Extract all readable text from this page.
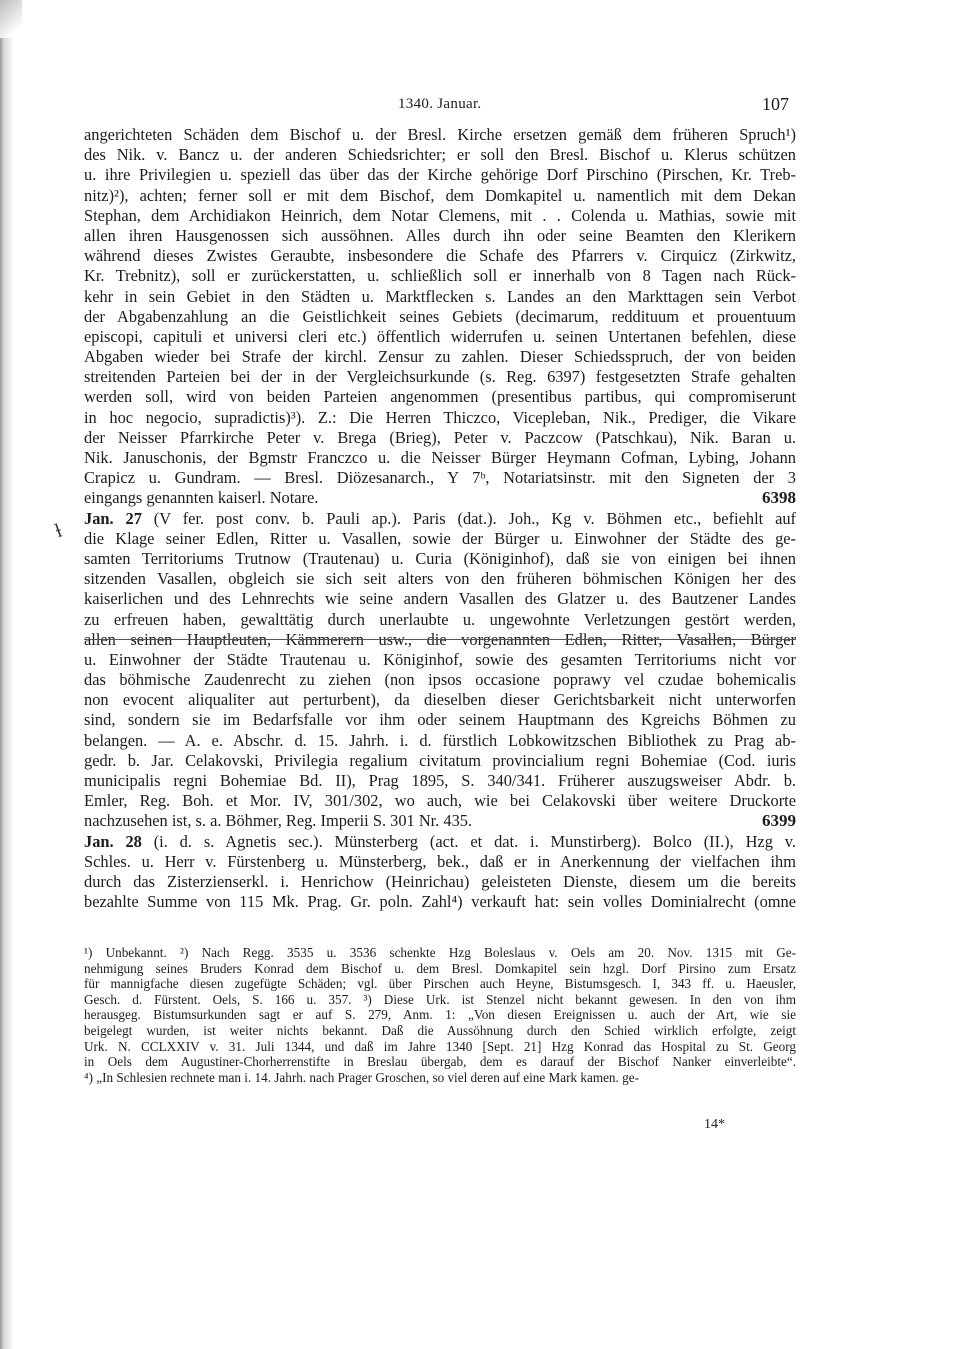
1340. Januar.	107
ɫ
angerichteten Schäden dem Bischof u. der Bresl. Kirche ersetzen gemäß dem früheren Spruch¹)
des Nik. v. Bancz u. der anderen Schiedsrichter; er soll den Bresl. Bischof u. Klerus schützen
u. ihre Privilegien u. speziell das über das der Kirche gehörige Dorf Pirschino (Pirschen, Kr. Treb-
nitz)²), achten; ferner soll er mit dem Bischof, dem Domkapitel u. namentlich mit dem Dekan
Stephan, dem Archidiakon Heinrich, dem Notar Clemens, mit . . Colenda u. Mathias, sowie mit
allen ihren Hausgenossen sich aussöhnen. Alles durch ihn oder seine Beamten den Klerikern
während dieses Zwistes Geraubte, insbesondere die Schafe des Pfarrers v. Cirquicz (Zirkwitz,
Kr. Trebnitz), soll er zurückerstatten, u. schließlich soll er innerhalb von 8 Tagen nach Rück-
kehr in sein Gebiet in den Städten u. Marktflecken s. Landes an den Markttagen sein Verbot
der Abgabenzahlung an die Geistlichkeit seines Gebiets (decimarum, reddituum et prouentuum
episcopi, capituli et universi cleri etc.) öffentlich widerrufen u. seinen Untertanen befehlen, diese
Abgaben wieder bei Strafe der kirchl. Zensur zu zahlen. Dieser Schiedsspruch, der von beiden
streitenden Parteien bei der in der Vergleichsurkunde (s. Reg. 6397) festgesetzten Strafe gehalten
werden soll, wird von beiden Parteien angenommen (presentibus partibus, qui compromiserunt
in hoc negocio, supradictis)³). Z.: Die Herren Thiczco, Vicepleban, Nik., Prediger, die Vikare
der Neisser Pfarrkirche Peter v. Brega (Brieg), Peter v. Paczcow (Patschkau), Nik. Baran u.
Nik. Januschonis, der Bgmstr Franczco u. die Neisser Bürger Heymann Cofman, Lybing, Johann
Crapicz u. Gundram. — Bresl. Diözesanarch., Y 7ᵇ, Notariatsinstr. mit den Signeten der 3
eingangs genannten kaiserl. Notare.	6398
Jan. 27 (V fer. post conv. b. Pauli ap.). Paris (dat.). Joh., Kg v. Böhmen etc., befiehlt auf
die Klage seiner Edlen, Ritter u. Vasallen, sowie der Bürger u. Einwohner der Städte des ge-
samten Territoriums Trutnow (Trautenau) u. Curia (Königinhof), daß sie von einigen bei ihnen
sitzenden Vasallen, obgleich sie sich seit alters von den früheren böhmischen Königen her des
kaiserlichen und des Lehnrechts wie seine andern Vasallen des Glatzer u. des Bautzener Landes
zu erfreuen haben, gewalttätig durch unerlaubte u. ungewohnte Verletzungen gestört werden,
allen seinen Hauptleuten, Kämmerern usw., die vorgenannten Edlen, Ritter, Vasallen, Bürger
u. Einwohner der Städte Trautenau u. Königinhof, sowie des gesamten Territoriums nicht vor
das böhmische Zaudenrecht zu ziehen (non ipsos occasione poprawy vel czudae bohemicalis
non evocent aliqualiter aut perturbent), da dieselben dieser Gerichtsbarkeit nicht unterworfen
sind, sondern sie im Bedarfsfalle vor ihm oder seinem Hauptmann des Kgreichs Böhmen zu
belangen. — A. e. Abschr. d. 15. Jahrh. i. d. fürstlich Lobkowitzschen Bibliothek zu Prag ab-
gedr. b. Jar. Celakovski, Privilegia regalium civitatum provincialium regni Bohemiae (Cod. iuris
municipalis regni Bohemiae Bd. II), Prag 1895, S. 340/341. Früherer auszugsweiser Abdr. b.
Emler, Reg. Boh. et Mor. IV, 301/302, wo auch, wie bei Celakovski über weitere Druckorte
nachzusehen ist, s. a. Böhmer, Reg. Imperii S. 301 Nr. 435.	6399
Jan. 28 (i. d. s. Agnetis sec.). Münsterberg (act. et dat. i. Munstirberg). Bolco (II.), Hzg v.
Schles. u. Herr v. Fürstenberg u. Münsterberg, bek., daß er in Anerkennung der vielfachen ihm
durch das Zisterzienserkl. i. Henrichow (Heinrichau) geleisteten Dienste, diesem um die bereits
bezahlte Summe von 115 Mk. Prag. Gr. poln. Zahl⁴) verkauft hat: sein volles Dominialrecht (omne
¹) Unbekannt. ²) Nach Regg. 3535 u. 3536 schenkte Hzg Boleslaus v. Oels am 20. Nov. 1315 mit Ge-
nehmigung seines Bruders Konrad dem Bischof u. dem Bresl. Domkapitel sein hzgl. Dorf Pirsino zum Ersatz
für mannigfache diesen zugefügte Schäden; vgl. über Pirschen auch Heyne, Bistumsgesch. I, 343 ff. u. Haeusler,
Gesch. d. Fürstent. Oels, S. 166 u. 357. ³) Diese Urk. ist Stenzel nicht bekannt gewesen. In den von ihm
herausgeg. Bistumsurkunden sagt er auf S. 279, Anm. 1: „Von diesen Ereignissen u. auch der Art, wie sie
beigelegt wurden, ist weiter nichts bekannt. Daß die Aussöhnung durch den Schied wirklich erfolgte, zeigt
Urk. N. CCLXXIV v. 31. Juli 1344, und daß im Jahre 1340 [Sept. 21] Hzg Konrad das Hospital zu St. Georg
in Oels dem Augustiner-Chorherrenstifte in Breslau übergab, dem es darauf der Bischof Nanker einverleibte“.
⁴) „In Schlesien rechnete man i. 14. Jahrh. nach Prager Groschen, so viel deren auf eine Mark kamen. ge-
14*
